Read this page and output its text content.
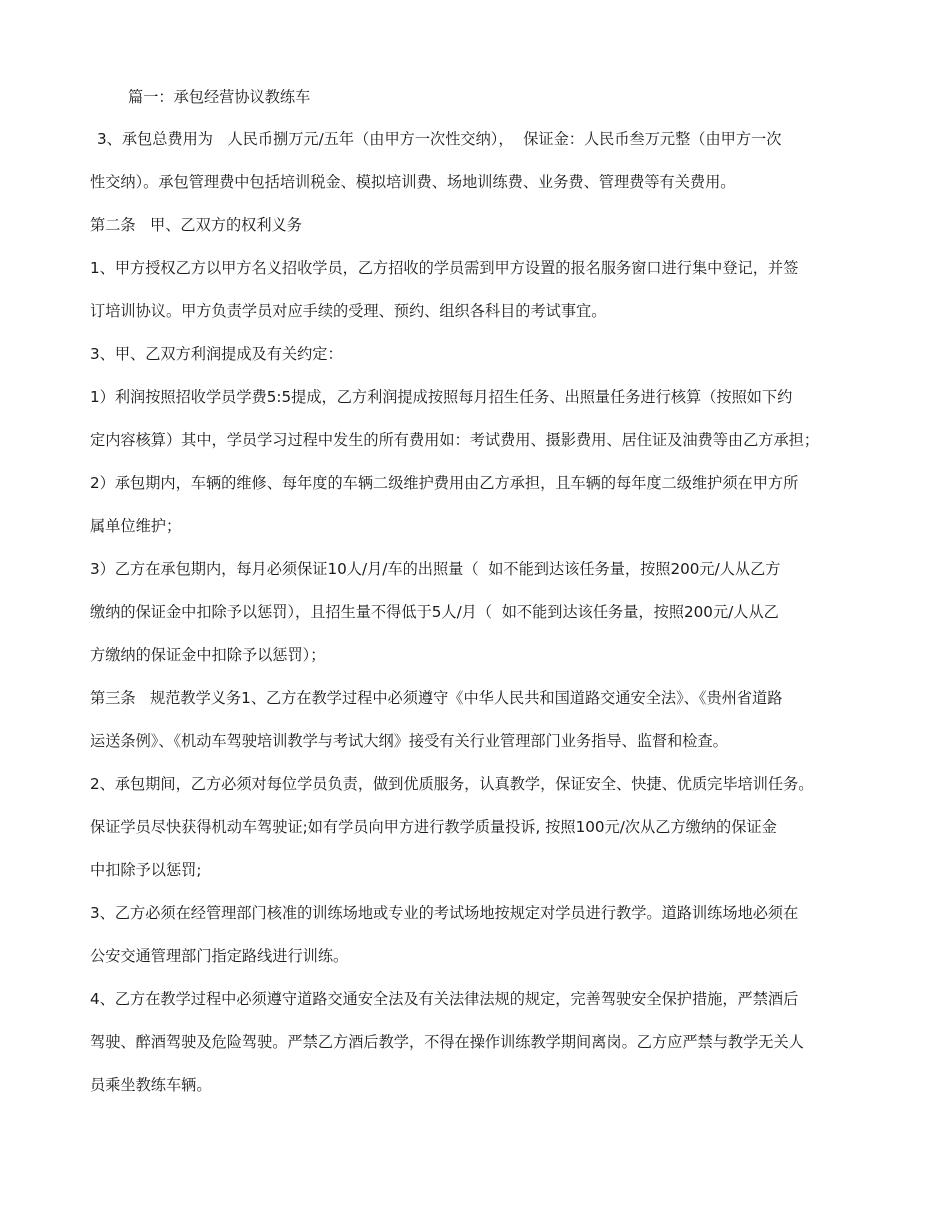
篇一：承包经营协议教练车
3、承包总费用为   人民币捌万元/五年（由甲方一次性交纳），  保证金：人民币叁万元整（由甲方一次
性交纳）。承包管理费中包括培训税金、模拟培训费、场地训练费、业务费、管理费等有关费用。
第二条   甲、乙双方的权利义务
1、甲方授权乙方以甲方名义招收学员，乙方招收的学员需到甲方设置的报名服务窗口进行集中登记，并签
订培训协议。甲方负责学员对应手续的受理、预约、组织各科目的考试事宜。
3、甲、乙双方利润提成及有关约定：
1）利润按照招收学员学费5:5提成，乙方利润提成按照每月招生任务、出照量任务进行核算（按照如下约
定内容核算）其中，学员学习过程中发生的所有费用如：考试费用、摄影费用、居住证及油费等由乙方承担；
2）承包期内，车辆的维修、每年度的车辆二级维护费用由乙方承担，且车辆的每年度二级维护须在甲方所
属单位维护；
3）乙方在承包期内，每月必须保证10人/月/车的出照量（  如不能到达该任务量，按照200元/人从乙方
缴纳的保证金中扣除予以惩罚），且招生量不得低于5人/月（  如不能到达该任务量，按照200元/人从乙
方缴纳的保证金中扣除予以惩罚）；
第三条   规范教学义务1、乙方在教学过程中必须遵守《中华人民共和国道路交通安全法》、《贵州省道路
运送条例》、《机动车驾驶培训教学与考试大纲》接受有关行业管理部门业务指导、监督和检查。
2、承包期间，乙方必须对每位学员负责，做到优质服务，认真教学，保证安全、快捷、优质完毕培训任务。
保证学员尽快获得机动车驾驶证;如有学员向甲方进行教学质量投诉, 按照100元/次从乙方缴纳的保证金
中扣除予以惩罚;
3、乙方必须在经管理部门核准的训练场地或专业的考试场地按规定对学员进行教学。道路训练场地必须在
公安交通管理部门指定路线进行训练。
4、乙方在教学过程中必须遵守道路交通安全法及有关法律法规的规定，完善驾驶安全保护措施，严禁酒后
驾驶、醉酒驾驶及危险驾驶。严禁乙方酒后教学，不得在操作训练教学期间离岗。乙方应严禁与教学无关人
员乘坐教练车辆。
